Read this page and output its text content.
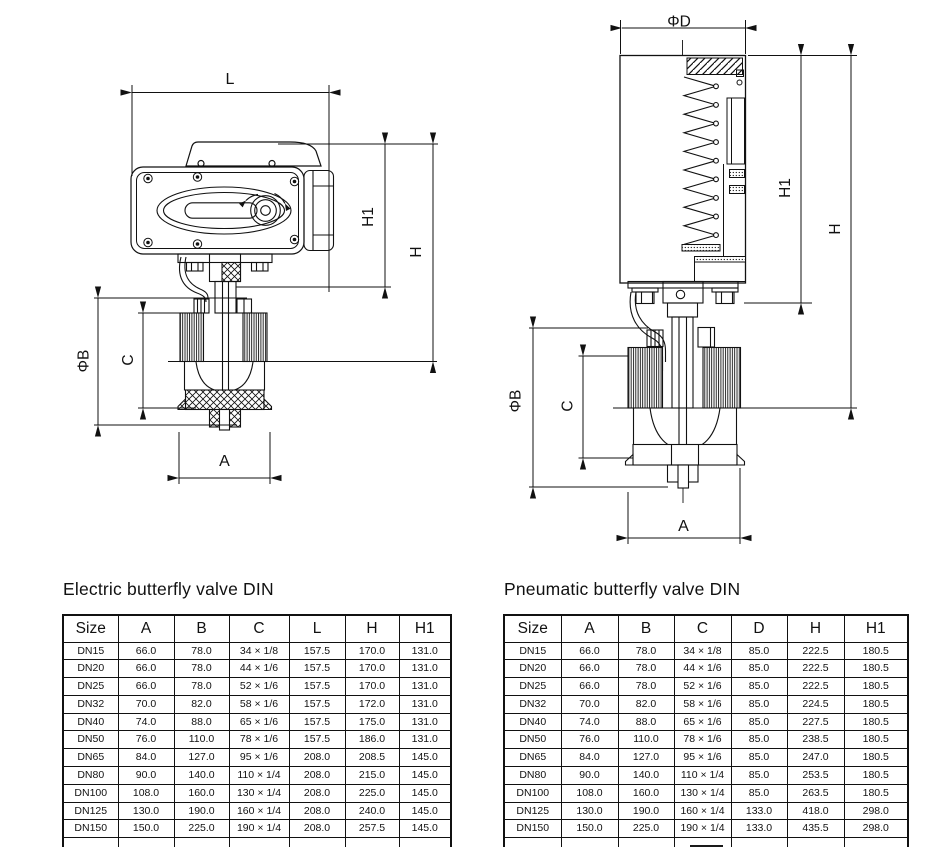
L
H1
H
ΦB C
A
ΦD
ΦB C
A
H1
H
Electric butterfly valve DIN
Size	A	B	C	L	H	H1
DN15	66.0	78.0	34 × 1/8	157.5	170.0	131.0
DN20	66.0	78.0	44 × 1/6	157.5	170.0	131.0
DN25	66.0	78.0	52 × 1/6	157.5	170.0	131.0
DN32	70.0	82.0	58 × 1/6	157.5	172.0	131.0
DN40	74.0	88.0	65 × 1/6	157.5	175.0	131.0
DN50	76.0	110.0	78 × 1/6	157.5	186.0	131.0
DN65	84.0	127.0	95 × 1/6	208.0	208.5	145.0
DN80	90.0	140.0	110 × 1/4	208.0	215.0	145.0
DN100	108.0	160.0	130 × 1/4	208.0	225.0	145.0
DN125	130.0	190.0	160 × 1/4	208.0	240.0	145.0
DN150	150.0	225.0	190 × 1/4	208.0	257.5	145.0

Pneumatic butterfly valve DIN
Size	A	B	C	D	H	H1
DN15	66.0	78.0	34 × 1/8	85.0	222.5	180.5
DN20	66.0	78.0	44 × 1/6	85.0	222.5	180.5
DN25	66.0	78.0	52 × 1/6	85.0	222.5	180.5
DN32	70.0	82.0	58 × 1/6	85.0	224.5	180.5
DN40	74.0	88.0	65 × 1/6	85.0	227.5	180.5
DN50	76.0	110.0	78 × 1/6	85.0	238.5	180.5
DN65	84.0	127.0	95 × 1/6	85.0	247.0	180.5
DN80	90.0	140.0	110 × 1/4	85.0	253.5	180.5
DN100	108.0	160.0	130 × 1/4	85.0	263.5	180.5
DN125	130.0	190.0	160 × 1/4	133.0	418.0	298.0
DN150	150.0	225.0	190 × 1/4	133.0	435.5	298.0
